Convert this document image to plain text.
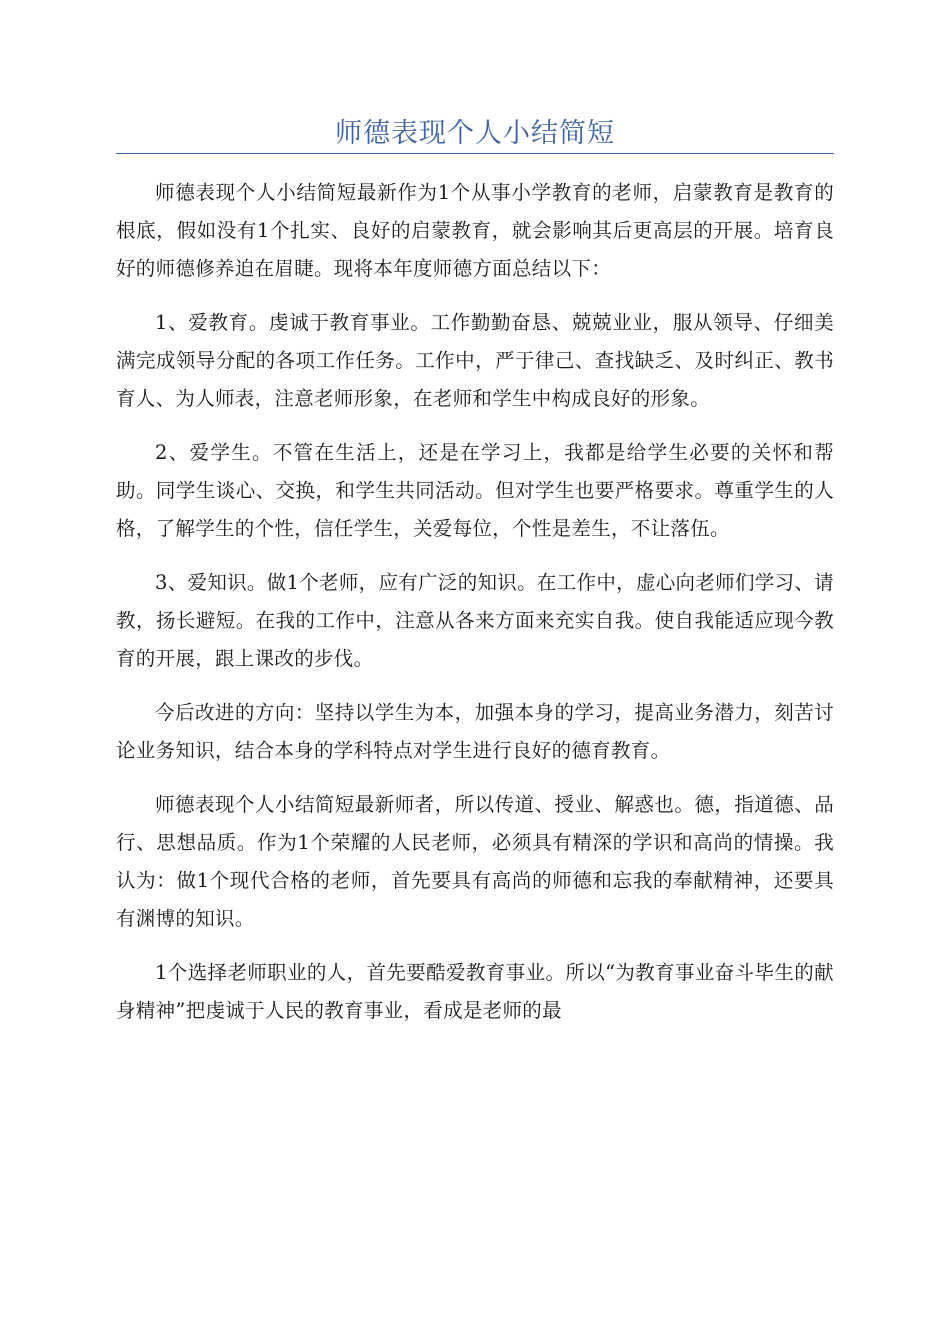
师德表现个人小结简短

师德表现个人小结简短最新作为1个从事小学教育的老师，启蒙教育是教育的根底，假如没有1个扎实、良好的启蒙教育，就会影响其后更高层的开展。培育良好的师德修养迫在眉睫。现将本年度师德方面总结以下：

1、爱教育。虔诚于教育事业。工作勤勤奋恳、兢兢业业，服从领导、仔细美满完成领导分配的各项工作任务。工作中，严于律己、查找缺乏、及时纠正、教书育人、为人师表，注意老师形象，在老师和学生中构成良好的形象。

2、爱学生。不管在生活上，还是在学习上，我都是给学生必要的关怀和帮助。同学生谈心、交换，和学生共同活动。但对学生也要严格要求。尊重学生的人格，了解学生的个性，信任学生，关爱每位，个性是差生，不让落伍。

3、爱知识。做1个老师，应有广泛的知识。在工作中，虚心向老师们学习、请教，扬长避短。在我的工作中，注意从各来方面来充实自我。使自我能适应现今教育的开展，跟上课改的步伐。

今后改进的方向：坚持以学生为本，加强本身的学习，提高业务潜力，刻苦讨论业务知识，结合本身的学科特点对学生进行良好的德育教育。

师德表现个人小结简短最新师者，所以传道、授业、解惑也。德，指道德、品行、思想品质。作为1个荣耀的人民老师，必须具有精深的学识和高尚的情操。我认为：做1个现代合格的老师，首先要具有高尚的师德和忘我的奉献精神，还要具有渊博的知识。

1个选择老师职业的人，首先要酷爱教育事业。所以“为教育事业奋斗毕生的献身精神”把虔诚于人民的教育事业，看成是老师的最
